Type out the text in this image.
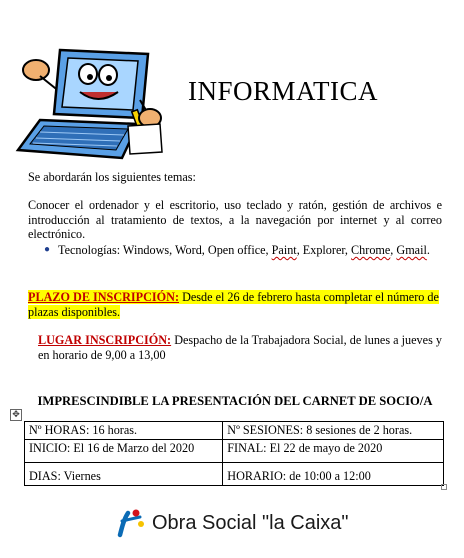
INFORMATICA
Se abordarán los siguientes temas:
Conocer el ordenador y el escritorio, uso teclado y ratón, gestión de archivos e introducción al tratamiento de textos, a la navegación por internet y al correo electrónico.
● Tecnologías: Windows, Word, Open office, Paint, Explorer, Chrome, Gmail.
PLAZO DE INSCRIPCIÓN: Desde el 26 de febrero hasta completar el número de plazas disponibles.
LUGAR INSCRIPCIÓN: Despacho de la Trabajadora Social, de lunes a jueves y en horario de 9,00 a 13,00
IMPRESCINDIBLE LA PRESENTACIÓN DEL CARNET DE SOCIO/A
✥
Nº HORAS: 16 horas.	Nº SESIONES: 8 sesiones de 2 horas.
INICIO: El 16 de Marzo del 2020	FINAL: El 22 de mayo de 2020
DIAS: Viernes	HORARIO: de 10:00 a 12:00
Obra Social "la Caixa"
